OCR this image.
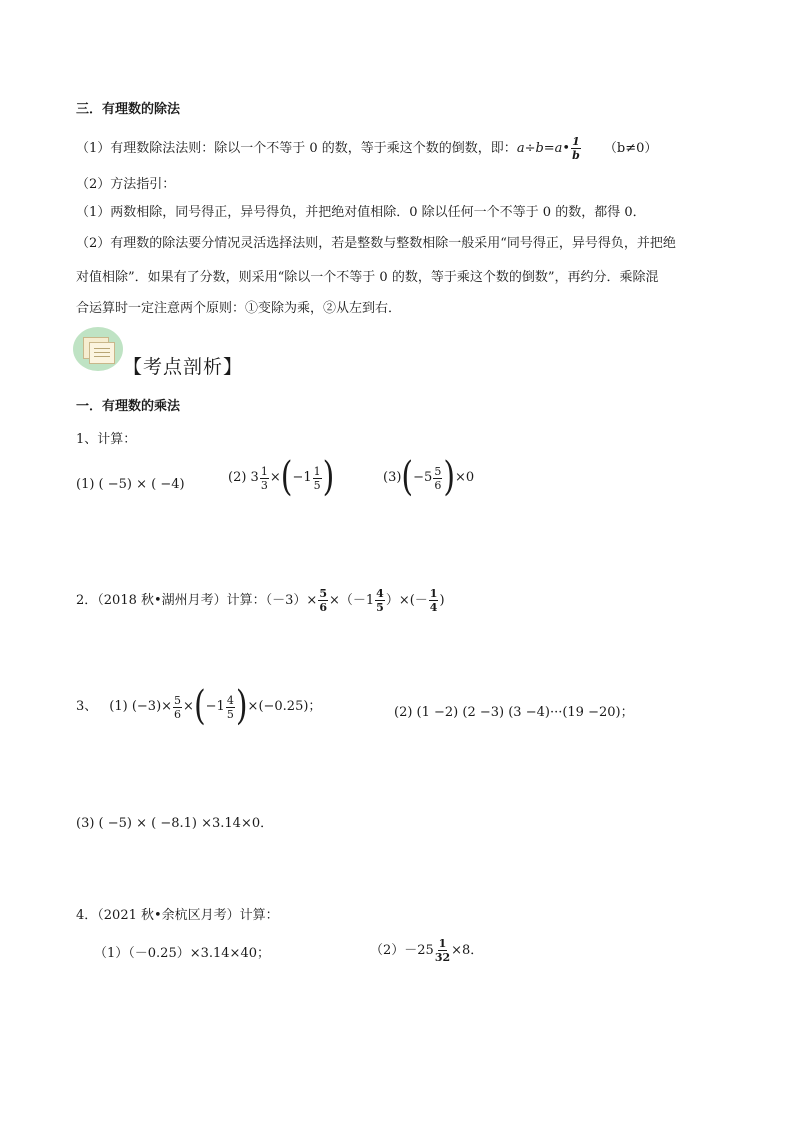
三．有理数的除法
（1）有理数除法法则：除以一个不等于 0 的数，等于乘这个数的倒数，即：a÷b=a• $\frac{1}{b} (b\ne 0)$
（2）方法指引：
（1）两数相除，同号得正，异号得负，并把绝对值相除．0 除以任何一个不等于 0 的数，都得 0．
（2）有理数的除法要分情况灵活选择法则，若是整数与整数相除一般采用“同号得正，异号得负，并把绝
对值相除”．如果有了分数，则采用“除以一个不等于 0 的数，等于乘这个数的倒数”，再约分．乘除混
合运算时一定注意两个原则：①变除为乘，②从左到右．
【考点剖析】
一．有理数的乘法
1、计算：
(1) ( −5) × ( −4)	(2) $3 \frac{1}{3} \times(-1 \frac{1}{5}$ )	$(3)(-5 \frac{5}{6} )\times 0$
2．（2018 秋•湖州月考）计算：$(-3)\times \frac{5}{6} \times(-1 \frac{4}{5}$ ）×(－ $\frac{1}{4}$ )
3、 (1) $(-3)\times \frac{5}{6} \times(-1 \frac{4}{5} )\times(-0.25)$；	(2) (1 −2) (2 −3) (3 −4)···(19 −20)；
(3) ( −5) × ( −8.1) ×3.14×0．
4．（2021 秋•余杭区月考）计算：
（1）（－0.25）×3.14×40；	$(2)-25 \frac{1}{32} \times 8$．
